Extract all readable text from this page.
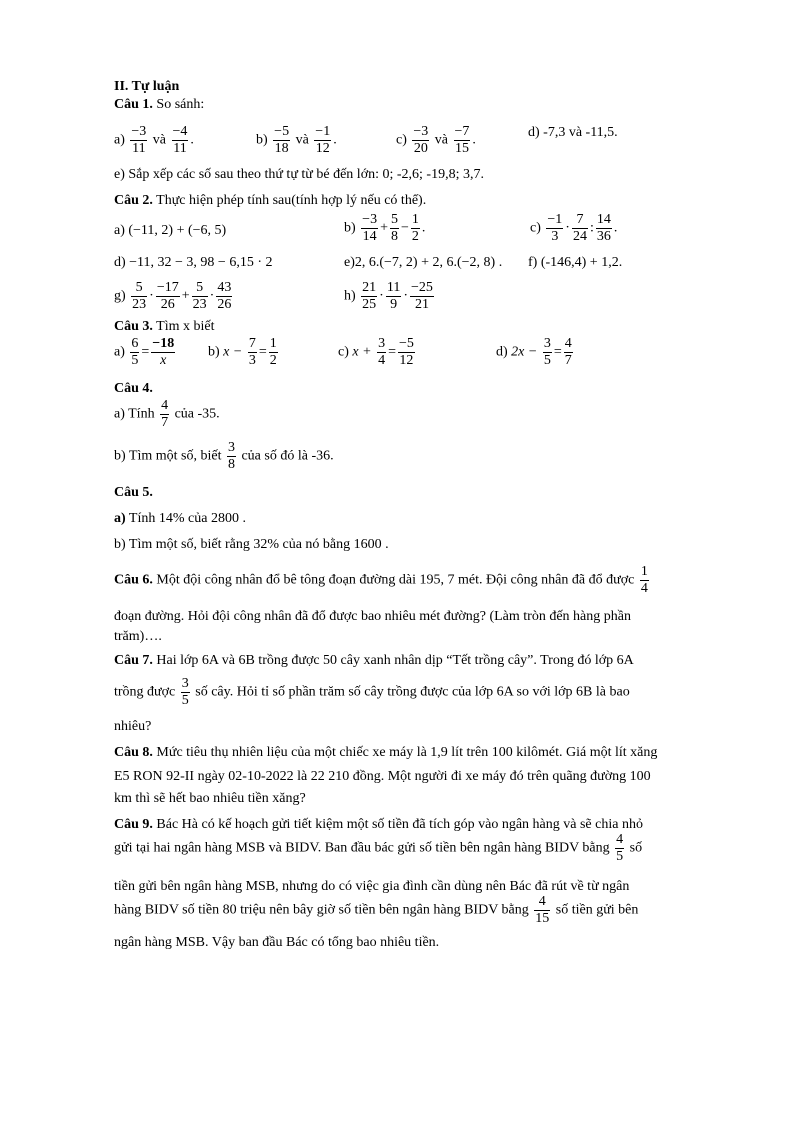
II. Tự luận
Câu 1. So sánh:
$a) \frac{-3}{11}$ và $\frac{-4}{11}$ .	$b) \frac{-5}{18}$ và $\frac{-1}{12}$ .	$c) \frac{-3}{20}$ và $\frac{-7}{15}$ .
d) -7,3 và -11,5.
e) Sắp xếp các số sau theo thứ tự từ bé đến lớn: 0; -2,6; -19,8; 3,7.
Câu 2. Thực hiện phép tính sau(tính hợp lý nếu có thể).
a) (−11, 2) + (−6, 5)	$b) \frac{-3}{14} + \frac{5}{8} - \frac{1}{2}$ .	$c) \frac{-1}{3} \cdot \frac{7}{24}$ : $\frac{14}{36}$ .
d) −11, 32 − 3, 98 − 6,15 · 2	e)2, 6.(−7, 2) + 2, 6.(−2, 8) . f) (-146,4) + 1,2.
$g) \frac{5}{23} \cdot \frac{-17}{26} + \frac{5}{23} \cdot \frac{43}{26}$	$h) \frac{21}{25} \cdot \frac{11}{9} \cdot \frac{-25}{21}$
Câu 3. Tìm x biết
$a) \frac{6}{5} = \frac{-18}{x} b$) $x - \frac{7}{3} = \frac{1}{2}$	c) $x + \frac{3}{4} = \frac{-5}{12}$	d) $2x - \frac{3}{5} = \frac{4}{7}$
Câu 4.
a) Tính $\frac{4}{7}$ của -35.
b) Tìm một số, biết $\frac{3}{8}$ của số đó là -36.
Câu 5.
a) Tính 14% của 2800 .
b) Tìm một số, biết rằng 32% của nó bằng 1600 .
Câu 6. Một đội công nhân đổ bê tông đoạn đường dài 195, 7 mét. Đội công nhân đã đổ được $\frac{1}{4}$
đoạn đường. Hỏi đội công nhân đã đổ được bao nhiêu mét đường? (Làm tròn đến hàng phần
trăm)….
Câu 7. Hai lớp 6A và 6B trồng được 50 cây xanh nhân dịp “Tết trồng cây”. Trong đó lớp 6A
trồng được $\frac{3}{5}$ số cây. Hỏi tỉ số phần trăm số cây trồng được của lớp 6A so với lớp 6B là bao
nhiêu?
Câu 8. Mức tiêu thụ nhiên liệu của một chiếc xe máy là 1,9 lít trên 100 kilômét. Giá một lít xăng
E5 RON 92-II ngày 02-10-2022 là 22 210 đồng. Một người đi xe máy đó trên quãng đường 100
km thì sẽ hết bao nhiêu tiền xăng?
Câu 9. Bác Hà có kế hoạch gửi tiết kiệm một số tiền đã tích góp vào ngân hàng và sẽ chia nhỏ
gửi tại hai ngân hàng MSB và BIDV. Ban đầu bác gửi số tiền bên ngân hàng BIDV bằng $\frac{4}{5}$ số
tiền gửi bên ngân hàng MSB, nhưng do có việc gia đình cần dùng nên Bác đã rút về từ ngân
hàng BIDV số tiền 80 triệu nên bây giờ số tiền bên ngân hàng BIDV bằng $\frac{4}{15}$ số tiền gửi bên
ngân hàng MSB. Vậy ban đầu Bác có tổng bao nhiêu tiền.
